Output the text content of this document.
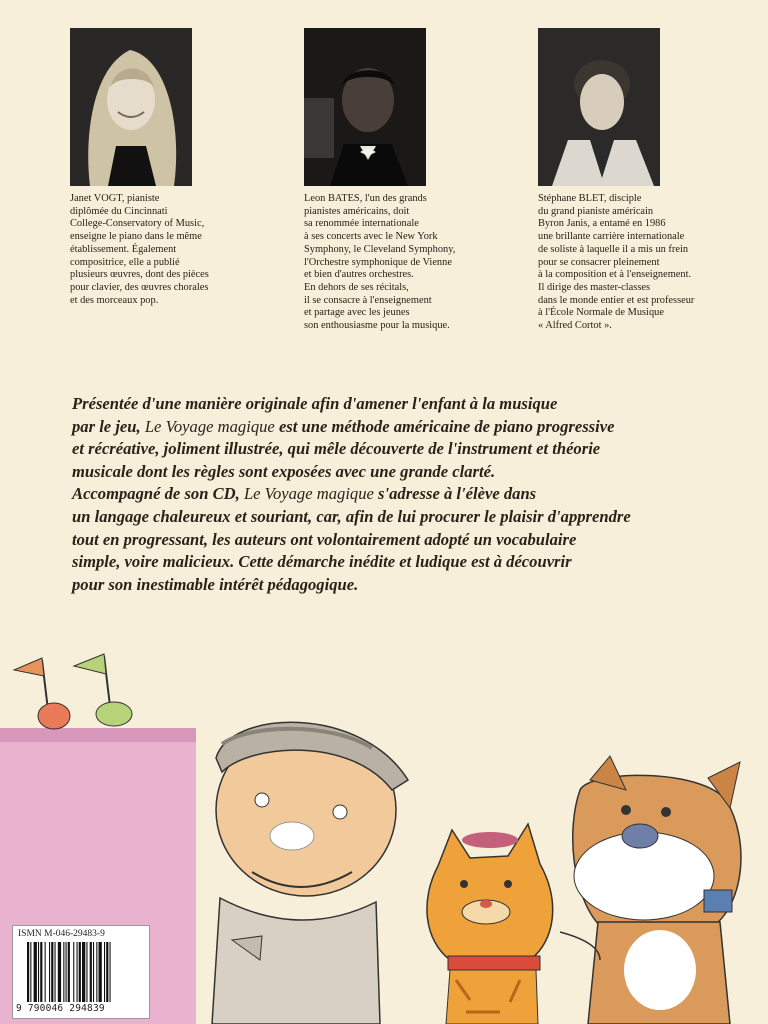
Janet VOGT, pianiste
diplômée du Cincinnati
College-Conservatory of Music,
enseigne le piano dans le même
établissement. Également
compositrice, elle a publié
plusieurs œuvres, dont des pièces
pour clavier, des œuvres chorales
et des morceaux pop.
Leon BATES, l'un des grands
pianistes américains, doit
sa renommée internationale
à ses concerts avec le New York
Symphony, le Cleveland Symphony,
l'Orchestre symphonique de Vienne
et bien d'autres orchestres.
En dehors de ses récitals,
il se consacre à l'enseignement
et partage avec les jeunes
son enthousiasme pour la musique.
Stéphane BLET, disciple
du grand pianiste américain
Byron Janis, a entamé en 1986
une brillante carrière internationale
de soliste à laquelle il a mis un frein
pour se consacrer pleinement
à la composition et à l'enseignement.
Il dirige des master-classes
dans le monde entier et est professeur
à l'École Normale de Musique
« Alfred Cortot ».
Présentée d'une manière originale afin d'amener l'enfant à la musique
par le jeu, Le Voyage magique est une méthode américaine de piano progressive
et récréative, joliment illustrée, qui mêle découverte de l'instrument et théorie
musicale dont les règles sont exposées avec une grande clarté.
Accompagné de son CD, Le Voyage magique s'adresse à l'élève dans
un langage chaleureux et souriant, car, afin de lui procurer le plaisir d'apprendre
tout en progressant, les auteurs ont volontairement adopté un vocabulaire
simple, voire malicieux. Cette démarche inédite et ludique est à découvrir
pour son inestimable intérêt pédagogique.
ISMN M-046-29483-9
9 790046 294839
